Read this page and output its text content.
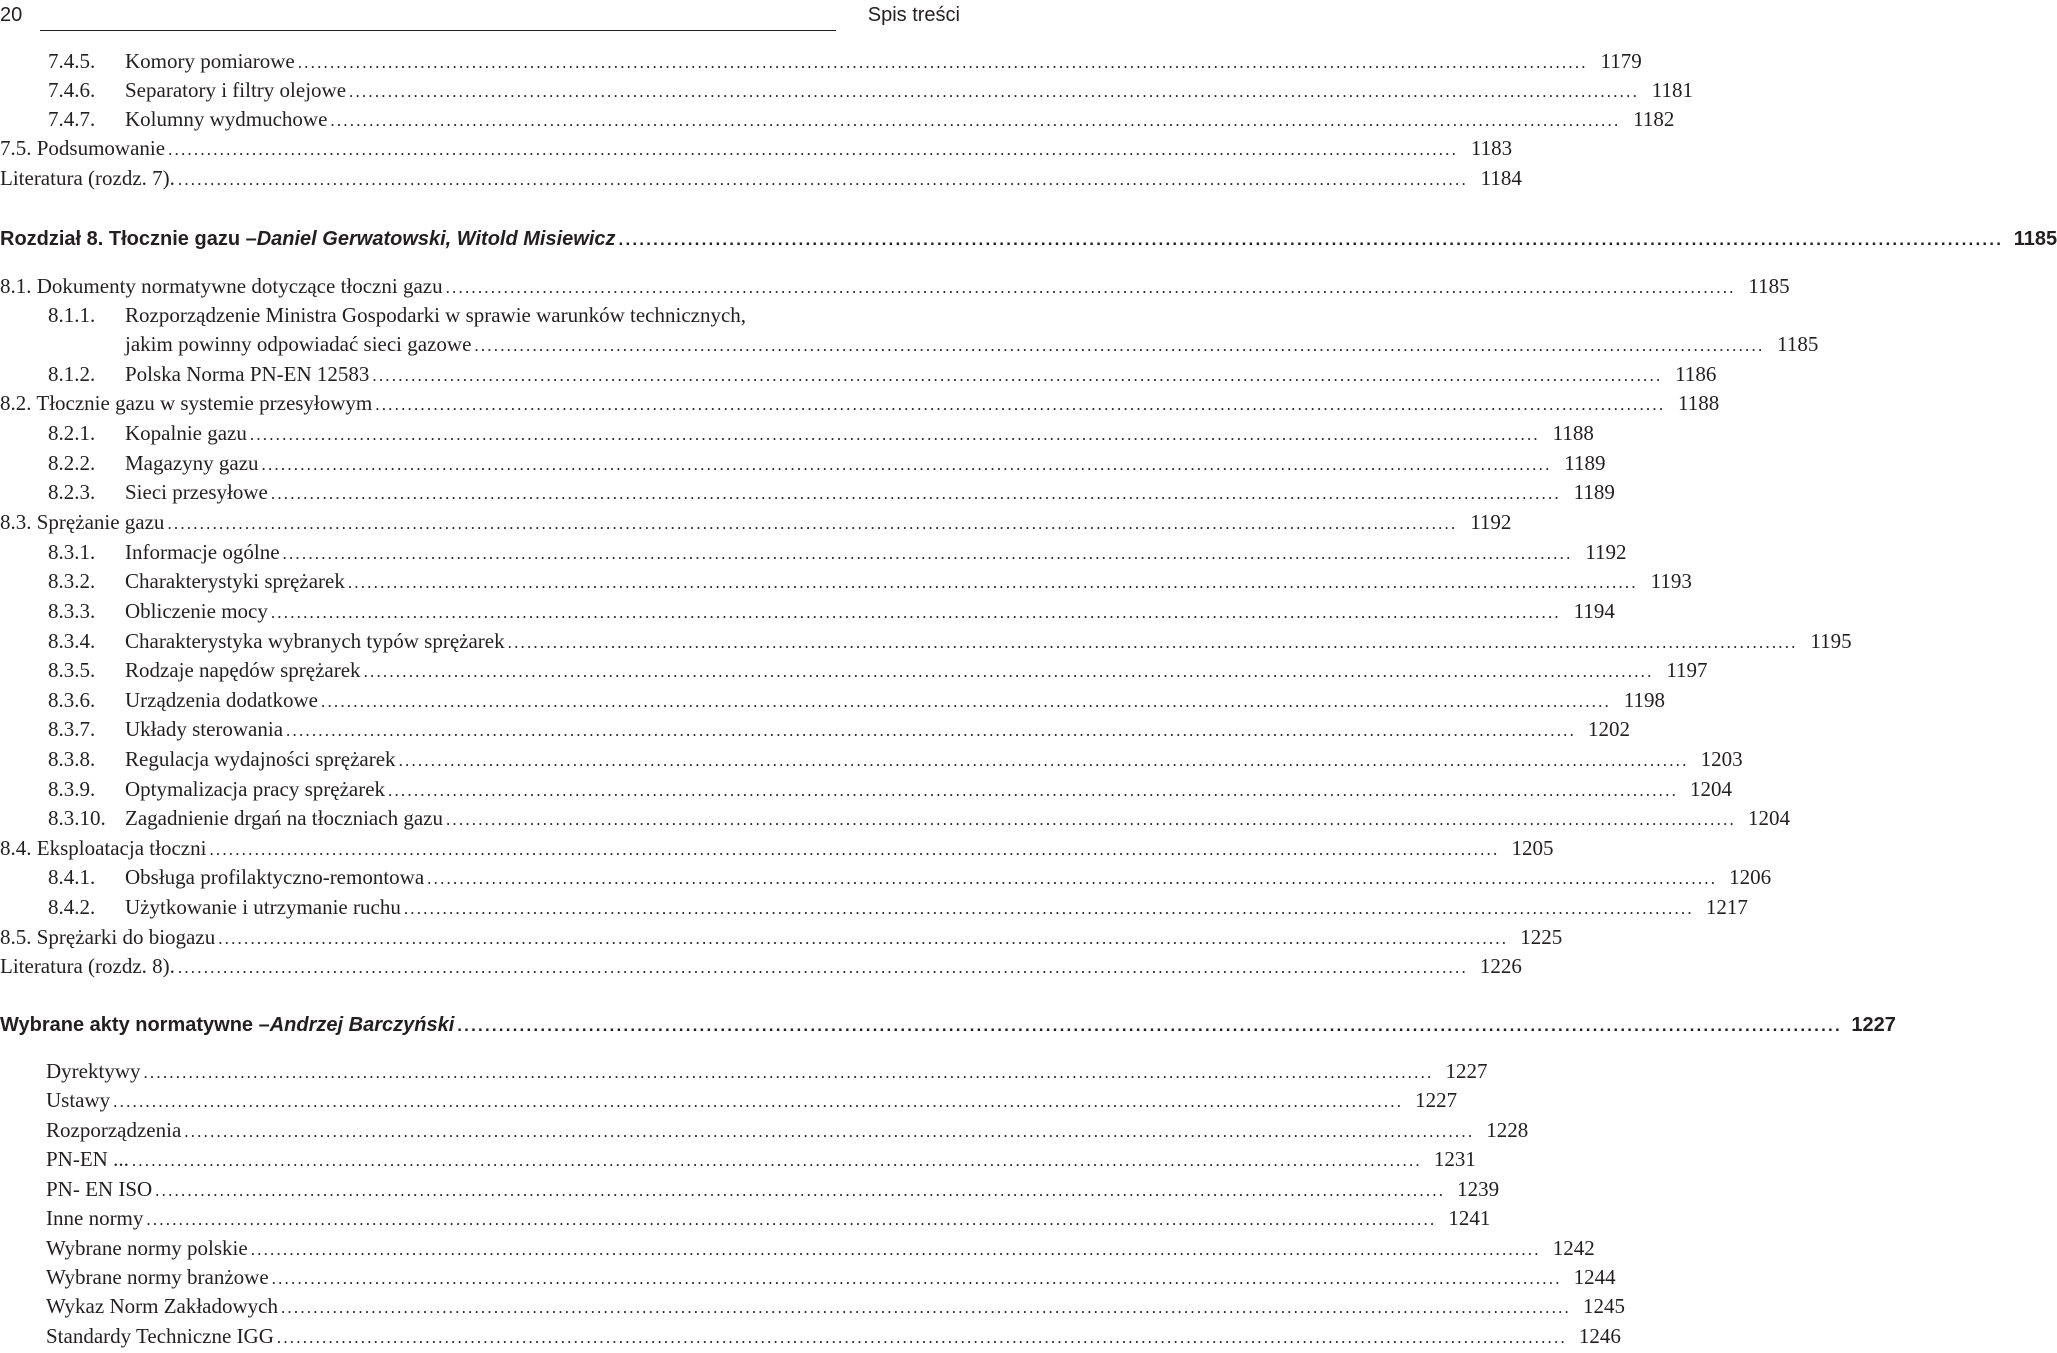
20	Spis treści
7.4.5.	Komory pomiarowe ........................................................................................................................................................................................................ 1179
7.4.6.	Separatory i filtry olejowe ........................................................................................................................................................................................................ 1181
7.4.7.	Kolumny wydmuchowe ........................................................................................................................................................................................................ 1182
7.5. Podsumowanie ........................................................................................................................................................................................................ 1183
Literatura (rozdz. 7). ........................................................................................................................................................................................................ 1184
Rozdział 8. Tłocznie gazu – Daniel Gerwatowski, Witold Misiewicz ........................................................................................................................................................................................................ 1185
8.1. Dokumenty normatywne dotyczące tłoczni gazu ........................................................................................................................................................................................................ 1185
8.1.1.	Rozporządzenie Ministra Gospodarki w sprawie warunków technicznych,
jakim powinny odpowiadać sieci gazowe ........................................................................................................................................................................................................ 1185
8.1.2.	Polska Norma PN-EN 12583 ........................................................................................................................................................................................................ 1186
8.2. Tłocznie gazu w systemie przesyłowym ........................................................................................................................................................................................................ 1188
8.2.1.	Kopalnie gazu ........................................................................................................................................................................................................ 1188
8.2.2.	Magazyny gazu ........................................................................................................................................................................................................ 1189
8.2.3.	Sieci przesyłowe ........................................................................................................................................................................................................ 1189
8.3. Sprężanie gazu ........................................................................................................................................................................................................ 1192
8.3.1.	Informacje ogólne ........................................................................................................................................................................................................ 1192
8.3.2.	Charakterystyki sprężarek ........................................................................................................................................................................................................ 1193
8.3.3.	Obliczenie mocy ........................................................................................................................................................................................................ 1194
8.3.4.	Charakterystyka wybranych typów sprężarek ........................................................................................................................................................................................................ 1195
8.3.5.	Rodzaje napędów sprężarek ........................................................................................................................................................................................................ 1197
8.3.6.	Urządzenia dodatkowe ........................................................................................................................................................................................................ 1198
8.3.7.	Układy sterowania ........................................................................................................................................................................................................ 1202
8.3.8.	Regulacja wydajności sprężarek ........................................................................................................................................................................................................ 1203
8.3.9.	Optymalizacja pracy sprężarek ........................................................................................................................................................................................................ 1204
8.3.10. Zagadnienie drgań na tłoczniach gazu ........................................................................................................................................................................................................ 1204
8.4. Eksploatacja tłoczni ........................................................................................................................................................................................................ 1205
8.4.1.	Obsługa profilaktyczno-remontowa ........................................................................................................................................................................................................ 1206
8.4.2.	Użytkowanie i utrzymanie ruchu ........................................................................................................................................................................................................ 1217
8.5. Sprężarki do biogazu ........................................................................................................................................................................................................ 1225
Literatura (rozdz. 8). ........................................................................................................................................................................................................ 1226
Wybrane akty normatywne – Andrzej Barczyński ........................................................................................................................................................................................................ 1227
Dyrektywy ........................................................................................................................................................................................................ 1227
Ustawy ........................................................................................................................................................................................................ 1227
Rozporządzenia ........................................................................................................................................................................................................ 1228
PN-EN ... ........................................................................................................................................................................................................ 1231
PN- EN ISO ........................................................................................................................................................................................................ 1239
Inne normy ........................................................................................................................................................................................................ 1241
Wybrane normy polskie ........................................................................................................................................................................................................ 1242
Wybrane normy branżowe ........................................................................................................................................................................................................ 1244
Wykaz Norm Zakładowych ........................................................................................................................................................................................................ 1245
Standardy Techniczne IGG ........................................................................................................................................................................................................ 1246
